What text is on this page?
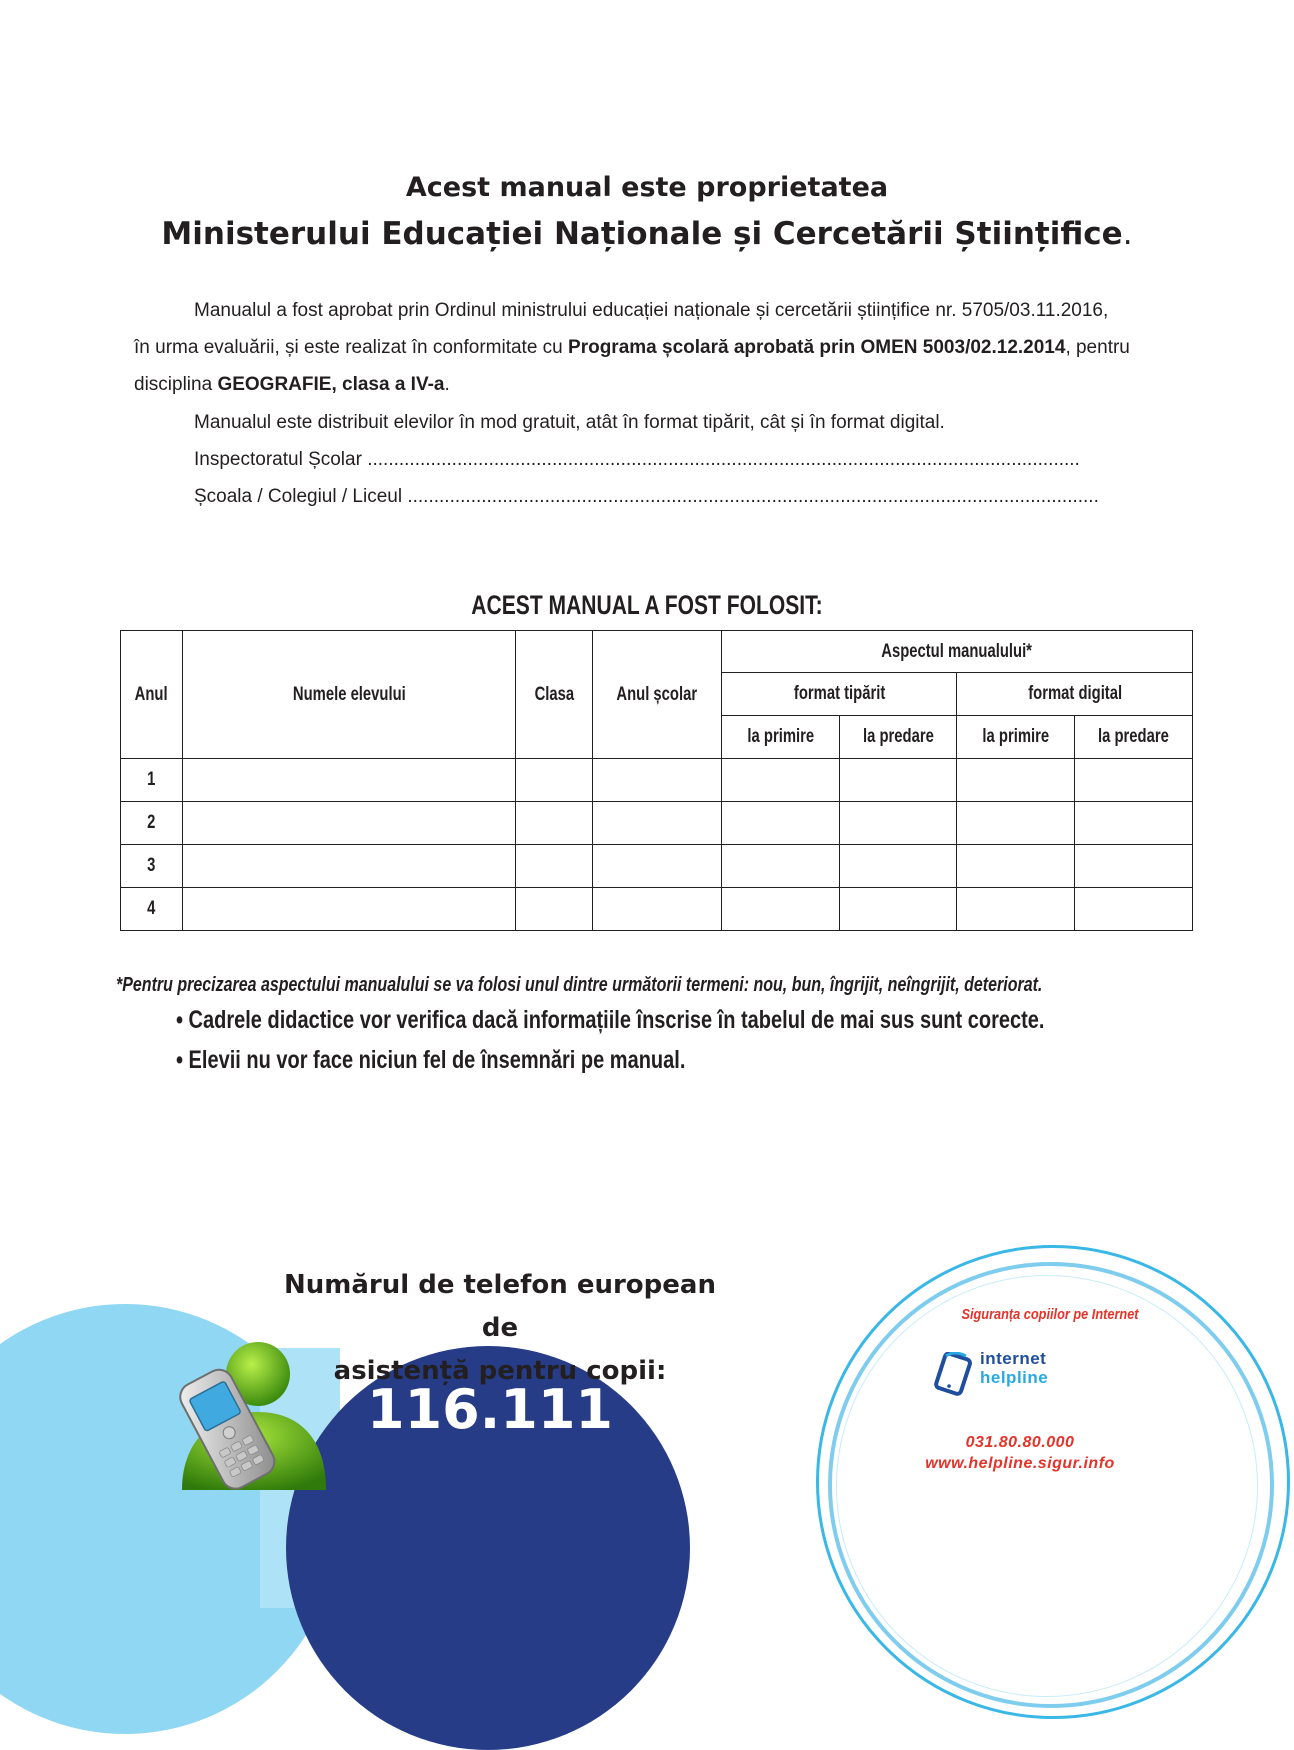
Acest manual este proprietatea
Ministerului Educației Naționale și Cercetării Științifice.
Manualul a fost aprobat prin Ordinul ministrului educației naționale și cercetării științifice nr. 5705/03.11.2016,
în urma evaluării, și este realizat în conformitate cu Programa școlară aprobată prin OMEN 5003/02.12.2014, pentru
disciplina GEOGRAFIE, clasa a IV-a.
Manualul este distribuit elevilor în mod gratuit, atât în format tipărit, cât și în format digital.
Inspectoratul Școlar .......................................................................................................................................
Școala / Colegiul / Liceul ...................................................................................................................................
ACEST MANUAL A FOST FOLOSIT:
Anul	Numele elevului	Clasa	Anul școlar	Aspectul manualului*			
				format tipărit		format digital	
				la primire	la predare	la primire	la predare
1							
2							
3							
4							
*Pentru precizarea aspectului manualului se va folosi unul dintre următorii termeni: nou, bun, îngrijit, neîngrijit, deteriorat.
• Cadrele didactice vor verifica dacă informațiile înscrise în tabelul de mai sus sunt corecte.
• Elevii nu vor face niciun fel de însemnări pe manual.
Numărul de telefon european de
asistență pentru copii:
116.111
Siguranța copiilor pe Internet
internet
helpline
031.80.80.000
www.helpline.sigur.info
